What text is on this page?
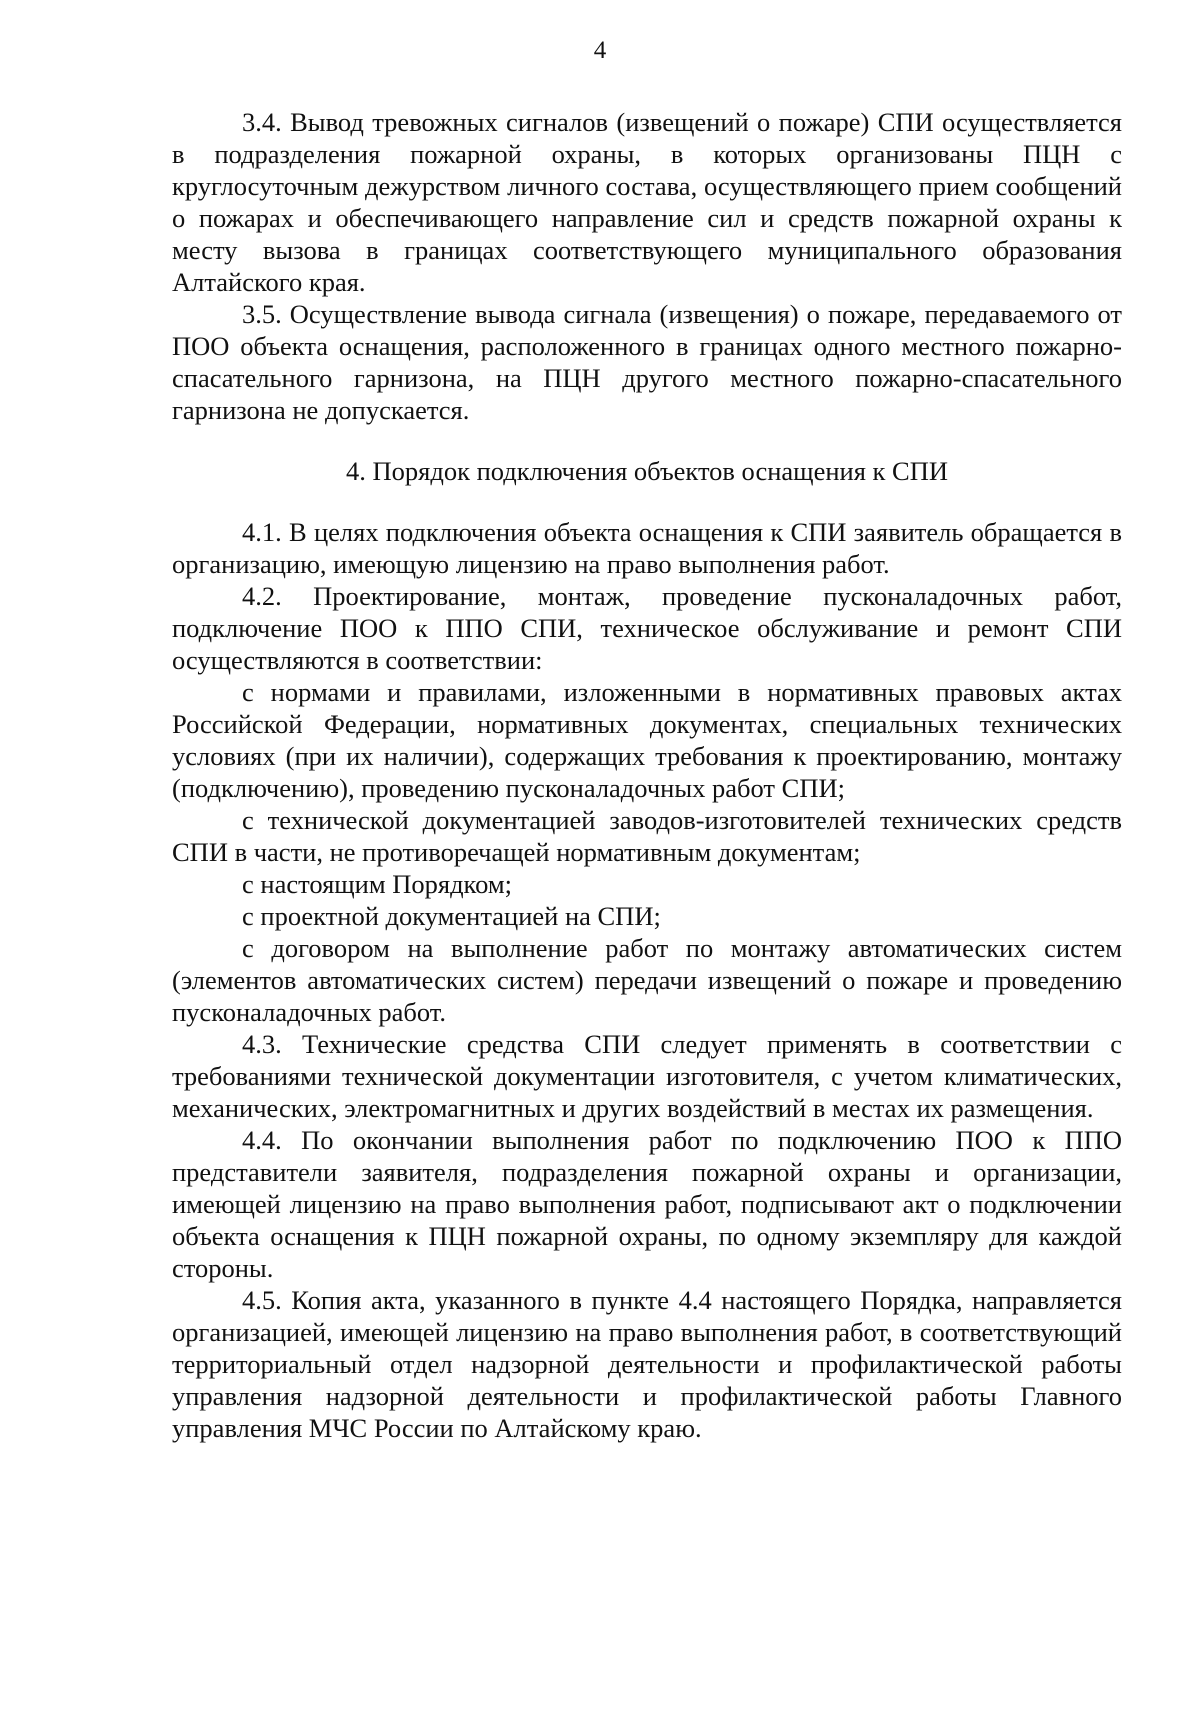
4

3.4. Вывод тревожных сигналов (извещений о пожаре) СПИ осуществляется в подразделения пожарной охраны, в которых организованы ПЦН с круглосуточным дежурством личного состава, осуществляющего прием сообщений о пожарах и обеспечивающего направление сил и средств пожарной охраны к месту вызова в границах соответствующего муниципального образования Алтайского края.

3.5. Осуществление вывода сигнала (извещения) о пожаре, передаваемого от ПОО объекта оснащения, расположенного в границах одного местного пожарно-спасательного гарнизона, на ПЦН другого местного пожарно-спасательного гарнизона не допускается.

4. Порядок подключения объектов оснащения к СПИ

4.1. В целях подключения объекта оснащения к СПИ заявитель обращается в организацию, имеющую лицензию на право выполнения работ.

4.2. Проектирование, монтаж, проведение пусконаладочных работ, подключение ПОО к ППО СПИ, техническое обслуживание и ремонт СПИ осуществляются в соответствии:

с нормами и правилами, изложенными в нормативных правовых актах Российской Федерации, нормативных документах, специальных технических условиях (при их наличии), содержащих требования к проектированию, монтажу (подключению), проведению пусконаладочных работ СПИ;

с технической документацией заводов-изготовителей технических средств СПИ в части, не противоречащей нормативным документам;

с настоящим Порядком;

с проектной документацией на СПИ;

с договором на выполнение работ по монтажу автоматических систем (элементов автоматических систем) передачи извещений о пожаре и проведению пусконаладочных работ.

4.3. Технические средства СПИ следует применять в соответствии с требованиями технической документации изготовителя, с учетом климатических, механических, электромагнитных и других воздействий в местах их размещения.

4.4. По окончании выполнения работ по подключению ПОО к ППО представители заявителя, подразделения пожарной охраны и организации, имеющей лицензию на право выполнения работ, подписывают акт о подключении объекта оснащения к ПЦН пожарной охраны, по одному экземпляру для каждой стороны.

4.5. Копия акта, указанного в пункте 4.4 настоящего Порядка, направляется организацией, имеющей лицензию на право выполнения работ, в соответствующий территориальный отдел надзорной деятельности и профилактической работы управления надзорной деятельности и профилактической работы Главного управления МЧС России по Алтайскому краю.
